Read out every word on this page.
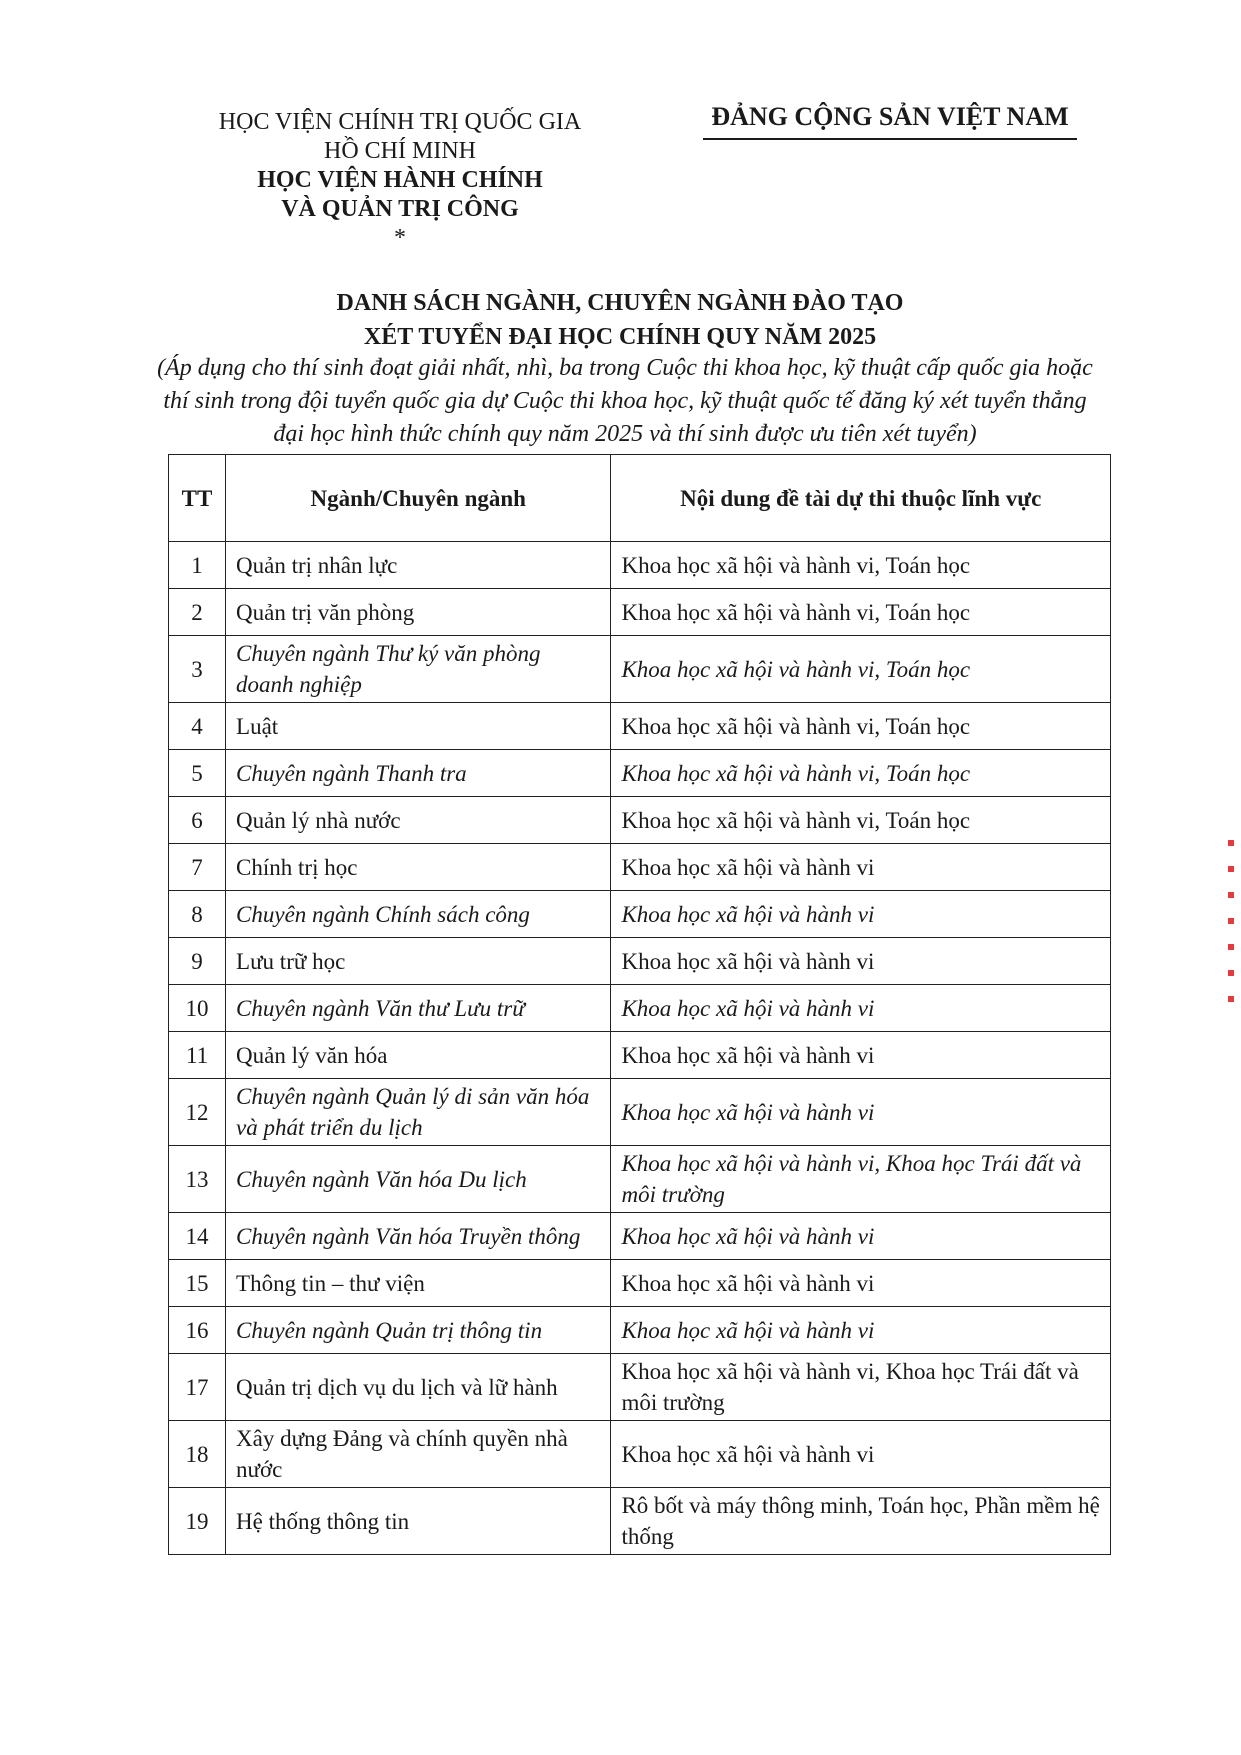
HỌC VIỆN CHÍNH TRỊ QUỐC GIA
HỒ CHÍ MINH
HỌC VIỆN HÀNH CHÍNH
VÀ QUẢN TRỊ CÔNG
*
ĐẢNG CỘNG SẢN VIỆT NAM
DANH SÁCH NGÀNH, CHUYÊN NGÀNH ĐÀO TẠO
XÉT TUYỂN ĐẠI HỌC CHÍNH QUY NĂM 2025
(Áp dụng cho thí sinh đoạt giải nhất, nhì, ba trong Cuộc thi khoa học, kỹ thuật cấp quốc gia hoặc thí sinh trong đội tuyển quốc gia dự Cuộc thi khoa học, kỹ thuật quốc tế đăng ký xét tuyển thẳng đại học hình thức chính quy năm 2025 và thí sinh được ưu tiên xét tuyển)
TT	Ngành/Chuyên ngành	Nội dung đề tài dự thi thuộc lĩnh vực
1	Quản trị nhân lực	Khoa học xã hội và hành vi, Toán học
2	Quản trị văn phòng	Khoa học xã hội và hành vi, Toán học
3	Chuyên ngành Thư ký văn phòng doanh nghiệp	Khoa học xã hội và hành vi, Toán học
4	Luật	Khoa học xã hội và hành vi, Toán học
5	Chuyên ngành Thanh tra	Khoa học xã hội và hành vi, Toán học
6	Quản lý nhà nước	Khoa học xã hội và hành vi, Toán học
7	Chính trị học	Khoa học xã hội và hành vi
8	Chuyên ngành Chính sách công	Khoa học xã hội và hành vi
9	Lưu trữ học	Khoa học xã hội và hành vi
10	Chuyên ngành Văn thư Lưu trữ	Khoa học xã hội và hành vi
11	Quản lý văn hóa	Khoa học xã hội và hành vi
12	Chuyên ngành Quản lý di sản văn hóa và phát triển du lịch	Khoa học xã hội và hành vi
13	Chuyên ngành Văn hóa Du lịch	Khoa học xã hội và hành vi, Khoa học Trái đất và môi trường
14	Chuyên ngành Văn hóa Truyền thông	Khoa học xã hội và hành vi
15	Thông tin – thư viện	Khoa học xã hội và hành vi
16	Chuyên ngành Quản trị thông tin	Khoa học xã hội và hành vi
17	Quản trị dịch vụ du lịch và lữ hành	Khoa học xã hội và hành vi, Khoa học Trái đất và môi trường
18	Xây dựng Đảng và chính quyền nhà nước	Khoa học xã hội và hành vi
19	Hệ thống thông tin	Rô bốt và máy thông minh, Toán học, Phần mềm hệ thống
